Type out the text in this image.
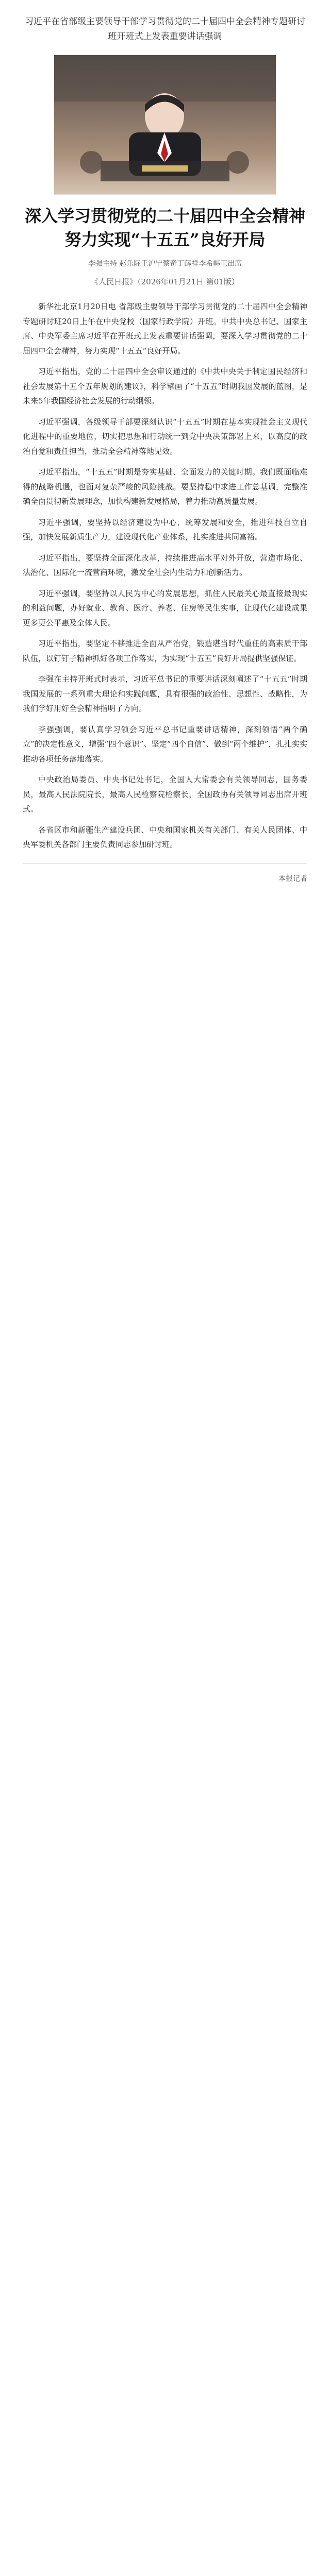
习近平在省部级主要领导干部学习贯彻党的二十届四中全会精神专题研讨班开班式上发表重要讲话强调
深入学习贯彻党的二十届四中全会精神
努力实现“十五五”良好开局
李强主持 赵乐际王沪宁蔡奇丁薛祥李希韩正出席
《人民日报》（2026年01月21日 第01版）

新华社北京1月20日电 省部级主要领导干部学习贯彻党的二十届四中全会精神专题研讨班20日上午在中央党校（国家行政学院）开班。中共中央总书记、国家主席、中央军委主席习近平在开班式上发表重要讲话强调，要深入学习贯彻党的二十届四中全会精神，努力实现“十五五”良好开局。

习近平指出，党的二十届四中全会审议通过的《中共中央关于制定国民经济和社会发展第十五个五年规划的建议》，科学擘画了“十五五”时期我国发展的蓝图，是未来5年我国经济社会发展的行动纲领。

习近平强调，各级领导干部要深刻认识“十五五”时期在基本实现社会主义现代化进程中的重要地位，切实把思想和行动统一到党中央决策部署上来，以高度的政治自觉和责任担当，推动全会精神落地见效。

习近平指出，“十五五”时期是夯实基础、全面发力的关键时期。我们既面临难得的战略机遇，也面对复杂严峻的风险挑战。要坚持稳中求进工作总基调，完整准确全面贯彻新发展理念，加快构建新发展格局，着力推动高质量发展。

习近平强调，要坚持以经济建设为中心，统筹发展和安全，推进科技自立自强，加快发展新质生产力，建设现代化产业体系，扎实推进共同富裕。

习近平指出，要坚持全面深化改革，持续推进高水平对外开放，营造市场化、法治化、国际化一流营商环境，激发全社会内生动力和创新活力。

习近平强调，要坚持以人民为中心的发展思想，抓住人民最关心最直接最现实的利益问题，办好就业、教育、医疗、养老、住房等民生实事，让现代化建设成果更多更公平惠及全体人民。

习近平指出，要坚定不移推进全面从严治党，锻造堪当时代重任的高素质干部队伍，以钉钉子精神抓好各项工作落实，为实现“十五五”良好开局提供坚强保证。

李强在主持开班式时表示，习近平总书记的重要讲话深刻阐述了“十五五”时期我国发展的一系列重大理论和实践问题，具有很强的政治性、思想性、战略性，为我们学好用好全会精神指明了方向。

李强强调，要认真学习领会习近平总书记重要讲话精神，深刻领悟“两个确立”的决定性意义，增强“四个意识”、坚定“四个自信”、做到“两个维护”，扎扎实实推动各项任务落地落实。

中央政治局委员、中央书记处书记，全国人大常委会有关领导同志，国务委员，最高人民法院院长，最高人民检察院检察长，全国政协有关领导同志出席开班式。

各省区市和新疆生产建设兵团、中央和国家机关有关部门、有关人民团体、中央军委机关各部门主要负责同志参加研讨班。

本报记者
